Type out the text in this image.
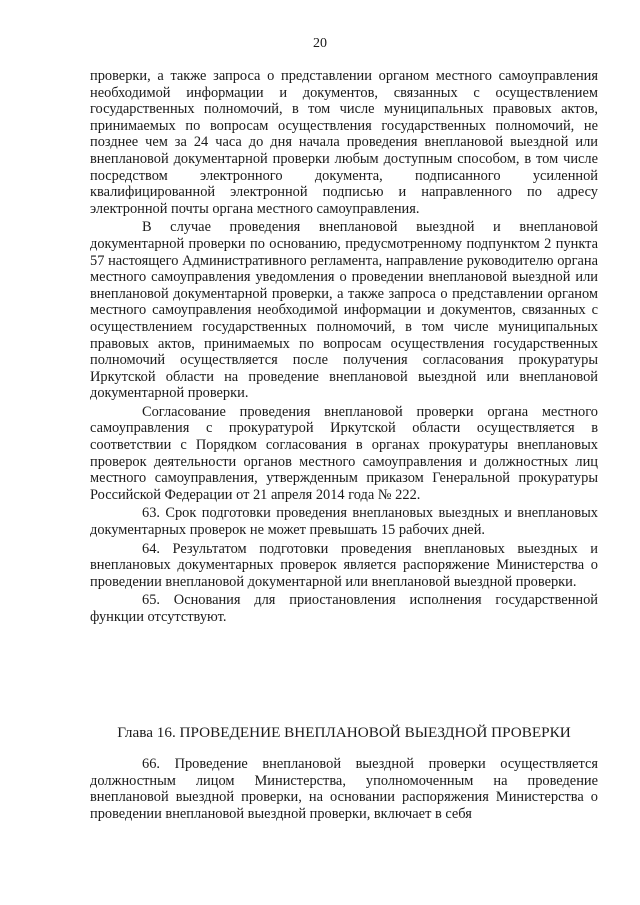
20

проверки, а также запроса о представлении органом местного самоуправления необходимой информации и документов, связанных с осуществлением государственных полномочий, в том числе муниципальных правовых актов, принимаемых по вопросам осуществления государственных полномочий, не позднее чем за 24 часа до дня начала проведения внеплановой выездной или внеплановой документарной проверки любым доступным способом, в том числе посредством электронного документа, подписанного усиленной квалифицированной электронной подписью и направленного по адресу электронной почты органа местного самоуправления.

В случае проведения внеплановой выездной и внеплановой документарной проверки по основанию, предусмотренному подпунктом 2 пункта 57 настоящего Административного регламента, направление руководителю органа местного самоуправления уведомления о проведении внеплановой выездной или внеплановой документарной проверки, а также запроса о представлении органом местного самоуправления необходимой информации и документов, связанных с осуществлением государственных полномочий, в том числе муниципальных правовых актов, принимаемых по вопросам осуществления государственных полномочий осуществляется после получения согласования прокуратуры Иркутской области на проведение внеплановой выездной или внеплановой документарной проверки.

Согласование проведения внеплановой проверки органа местного самоуправления с прокуратурой Иркутской области осуществляется в соответствии с Порядком согласования в органах прокуратуры внеплановых проверок деятельности органов местного самоуправления и должностных лиц местного самоуправления, утвержденным приказом Генеральной прокуратуры Российской Федерации от 21 апреля 2014 года № 222.

63. Срок подготовки проведения внеплановых выездных и внеплановых документарных проверок не может превышать 15 рабочих дней.

64. Результатом подготовки проведения внеплановых выездных и внеплановых документарных проверок является распоряжение Министерства о проведении внеплановой документарной или внеплановой выездной проверки.

65. Основания для приостановления исполнения государственной функции отсутствуют.

Глава 16. ПРОВЕДЕНИЕ ВНЕПЛАНОВОЙ ВЫЕЗДНОЙ ПРОВЕРКИ

66. Проведение внеплановой выездной проверки осуществляется должностным лицом Министерства, уполномоченным на проведение внеплановой выездной проверки, на основании распоряжения Министерства о проведении внеплановой выездной проверки, включает в себя
